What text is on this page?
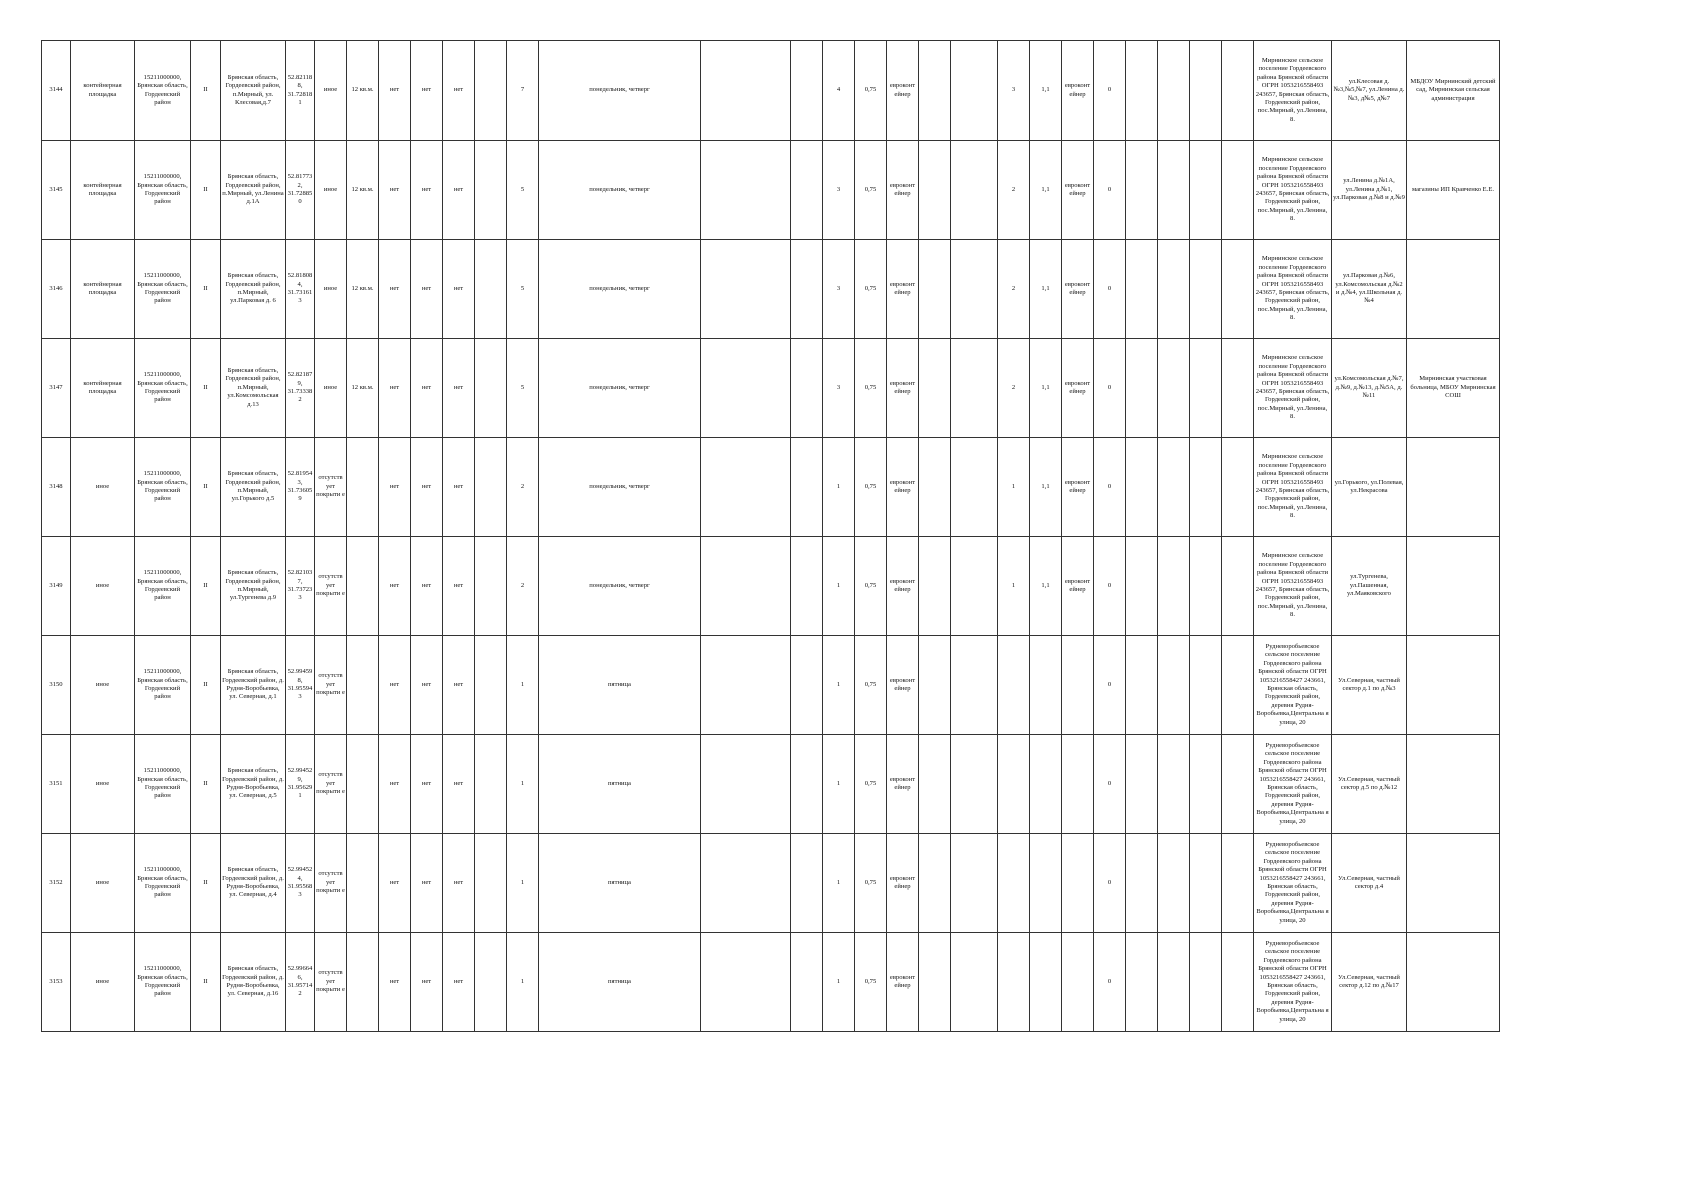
3144	контейнерная площадка	15211000000, Брянская область, Гордеевский район	II	Брянская область, Гордеевский район, п.Мирный, ул. Клесовая,д.7	52.82118 8, 31.72818 1	иное	12 кв.м.	нет	нет	нет		7	понедельник, четверг			4	0,75	евроконт ейнер			3	1,1	евроконт ейнер	0					Мирнинское сельское поселение Гордеевского района Брянской области ОГРН 1053216558493 243657, Брянская область, Гордеевский район, пос.Мирный, ул.Ленина, 8.	ул.Клесовая д.№3,№5,№7, ул.Ленина д.№3, д№5, д№7	МБДОУ Мирнинский детский сад, Мирнинская сельская администрация
3145	контейнерная площадка	15211000000, Брянская область, Гордеевский район	II	Брянская область, Гордеевский район, п.Мирный, ул.Ленина д.1А	52.81773 2, 31.72885 0	иное	12 кв.м.	нет	нет	нет		5	понедельник, четверг			3	0,75	евроконт ейнер			2	1,1	евроконт ейнер	0					Мирнинское сельское поселение Гордеевского района Брянской области ОГРН 1053216558493 243657, Брянская область, Гордеевский район, пос.Мирный, ул.Ленина, 8.	ул.Ленина д.№1А, ул.Ленина д.№1, ул.Парковая д.№8 и д.№9	магазины ИП Кравченко Е.Е.
3146	контейнерная площадка	15211000000, Брянская область, Гордеевский район	II	Брянская область, Гордеевский район, п.Мирный, ул.Парковая д. 6	52.81808 4, 31.73161 3	иное	12 кв.м.	нет	нет	нет		5	понедельник, четверг			3	0,75	евроконт ейнер			2	1,1	евроконт ейнер	0					Мирнинское сельское поселение Гордеевского района Брянской области ОГРН 1053216558493 243657, Брянская область, Гордеевский район, пос.Мирный, ул.Ленина, 8.	ул.Парковая д.№6, ул.Комсомольская д.№2 и д.№4, ул.Школьная д.№4	
3147	контейнерная площадка	15211000000, Брянская область, Гордеевский район	II	Брянская область, Гордеевский район, п.Мирный, ул.Комсомольская д.13	52.82187 9, 31.73338 2	иное	12 кв.м.	нет	нет	нет		5	понедельник, четверг			3	0,75	евроконт ейнер			2	1,1	евроконт ейнер	0					Мирнинское сельское поселение Гордеевского района Брянской области ОГРН 1053216558493 243657, Брянская область, Гордеевский район, пос.Мирный, ул.Ленина, 8.	ул.Комсомольская д.№7, д.№9, д.№13, д.№5А, д.№11	Мирнинская участковая больница, МБОУ Мирнинская СОШ
3148	иное	15211000000, Брянская область, Гордеевский район	II	Брянская область, Гордеевский район, п.Мирный, ул.Горького д.5	52.81954 3, 31.73605 9	отсутств ует покрыти е		нет	нет	нет		2	понедельник, четверг			1	0,75	евроконт ейнер			1	1,1	евроконт ейнер	0					Мирнинское сельское поселение Гордеевского района Брянской области ОГРН 1053216558493 243657, Брянская область, Гордеевский район, пос.Мирный, ул.Ленина, 8.	ул.Горького, ул.Полевая, ул.Некрасова	
3149	иное	15211000000, Брянская область, Гордеевский район	II	Брянская область, Гордеевский район, п.Мирный, ул.Тургенева д.9	52.82103 7, 31.73723 3	отсутств ует покрыти е		нет	нет	нет		2	понедельник, четверг			1	0,75	евроконт ейнер			1	1,1	евроконт ейнер	0					Мирнинское сельское поселение Гордеевского района Брянской области ОГРН 1053216558493 243657, Брянская область, Гордеевский район, пос.Мирный, ул.Ленина, 8.	ул.Тургенева, ул.Пашенная, ул.Маяковского	
3150	иное	15211000000, Брянская область, Гордеевский район	II	Брянская область, Гордеевский район, д. Рудня-Воробьевка, ул. Северная, д.1	52.99459 8, 31.95594 3	отсутств ует покрыти е		нет	нет	нет		1	пятница			1	0,75	евроконт ейнер						0					Рудневоробьевское сельское поселение Гордеевского района Брянской области ОГРН 1053216558427 243661, Брянская область, Гордеевский район, деревня Рудня-Воробьевка,Центральна я улица, 20	Ул.Северная, частный сектор д.1 по д.№3	
3151	иное	15211000000, Брянская область, Гордеевский район	II	Брянская область, Гордеевский район, д. Рудня-Воробьевка, ул. Северная, д.5	52.99452 9, 31.95629 1	отсутств ует покрыти е		нет	нет	нет		1	пятница			1	0,75	евроконт ейнер						0					Рудневоробьевское сельское поселение Гордеевского района Брянской области ОГРН 1053216558427 243661, Брянская область, Гордеевский район, деревня Рудня-Воробьевка,Центральна я улица, 20	Ул.Северная, частный сектор д.5 по д.№12	
3152	иное	15211000000, Брянская область, Гордеевский район	II	Брянская область, Гордеевский район, д. Рудня-Воробьевка, ул. Северная, д.4	52.99452 4, 31.95568 3	отсутств ует покрыти е		нет	нет	нет		1	пятница			1	0,75	евроконт ейнер						0					Рудневоробьевское сельское поселение Гордеевского района Брянской области ОГРН 1053216558427 243661, Брянская область, Гордеевский район, деревня Рудня-Воробьевка,Центральна я улица, 20	Ул.Северная, частный сектор д.4	
3153	иное	15211000000, Брянская область, Гордеевский район	II	Брянская область, Гордеевский район, д. Рудня-Воробьевка, ул. Северная, д.16	52.99664 6, 31.95714 2	отсутств ует покрыти е		нет	нет	нет		1	пятница			1	0,75	евроконт ейнер						0					Рудневоробьевское сельское поселение Гордеевского района Брянской области ОГРН 1053216558427 243661, Брянская область, Гордеевский район, деревня Рудня-Воробьевка,Центральна я улица, 20	Ул.Северная, частный сектор д.12 по д.№17	
